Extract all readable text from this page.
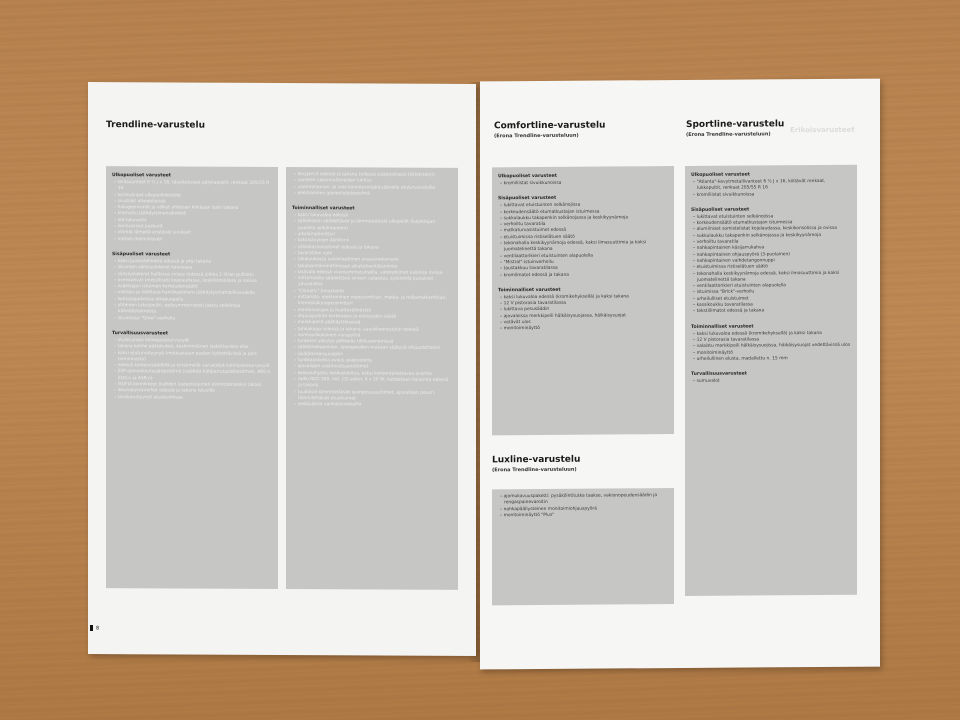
Trendline-varustelu
Ulkopuoliset varusteet
– teräsvanteet 6 ½ J x 16, täysikokoiset pölykapselit, renkaat 205/55 R 16
– korinväriset ulkopeilinkotelot
– sivutilkit ulkopeileissä
– halogeenivalot ja välkyt yhteisen kirkkaan lasin takana
– kromattu jäähdyttimensäleikkö
– led-takavalot
– korinväriset puskurit
– vihreät lämpöä eristävät sivulasit
– metalli-/helmiäisväri
Sisäpuoliset varusteet
– kaksi juomatelinettä edessä ja yksi takana
– istuinten säilytyslokerot kannessa
– säilytyslokerot hallkissa ovissa (edessä joihka 1 litran pullolle)
– ovenkahvat (metalliset) kojelaudassa, keskikonsolissa ja ovissa
– kuljettajan istuimen korkeudensäätö
– valaistu ja lukittava hansikaslokero jäähdytysmahdollisuudella
– kohtalopaikoissa olkapuopalla
– yhteinen takaspeilki, epäsymmetrisesti jaettu selkänoja kääntöistuimesta
– istuimissa "Glow"-verhoilu
Turvallisuusvarusteet
– etuistuinten kolmipisteturvavyöt
– takana kolme päätetukea, keskimmäinen laskettavissa alas
– kaksi etuturvatyynyä (matkustajan puolen kytkettävissä ja pois toiminnasta)
– edessä korkeussäädöllä ja kiristimellä varustetut kolmipisteturvavyöt
– ESP-ajonvakautusjärjestelmä (sisältää hätäjarrutustehostimen, ABS:n, EDS:n ja ASR:n)
– ISOFIX-kiinnikkeet (kahden lastenistuimen kiinnittämiseksi takaa)
– ikkunaturvaverhot edessä ja takana istuville
– sivuturvatyynyt etuistuimissa
– levyjarrut edessä ja takana (edessä sisäpuolisesti jäähdytetyt)
– vanteen lukkomuttereiden lukitus
– vammanoman- ja valo kiinnitysmäärä jäänelle etuturvavaloille
– elektroninen ajonestojärjestelmä
Toiminnalliset varusteet
– kaksi lukuvaloa edessä
– sähköisesti säädettävät ja lämmitettävät ulkopeilit (kuljettajan puolella selkäntaneen)
– ulkolämpömittari
– kaksisävyinen äänitorvi
– sähkölasinnostimet edessä ja takana
– tavaratilan valo
– takaluukussa automaattinen avausmekanismi
– takalasinlämmittimessä aikakytkentätoiminto
– sisävalo edessä viivesammutuksella, valokytkimet kaikissa ovissa
– mittaristolla säädettävä sinisen valaistus, kytkimillä punainen yövalaistus
– "Climatic"-ilmastointi
– mittaristo: elektroninen nopeusmittari, matka- ja nollamatkamittari, kierroslukunopeusmittari
– merkkivalojen ja huoltovälinäyttö
– ohjauspyörän korkeuden ja etäisyyden säätö
– merkkipeilit pääkäyttöisessä
– tuhkakuppi edessä ja takana, savukkeensytytin edessä
– normaalikokoinen varapyörä
– tunkkien säilytys pöhkeläs tilkkuseinämissä
– sähkömekaaninen, ajonopeuden mukaan säätyvä ohjaustehostin
– sisälämmönsuodatin
– tunkkauskohta avaus sisäpuolelta
– ajovalojen vastinvastaanottimet
– keskusohjattu keskuslukitus, kaksi kokoontaitettavaa avainta
– radio RCD 300, mit. CD-soitin, 4 x 20 W, kahdeksan kaiutinta edessä ja takana
– tuulilasin lämmitettävät lasinpesusuuttimet, ajovalojen pesuri, lämmitettävät etuistuimet
– vesikuljetin vanhatarvikkeilla
8
Comfortline-varustelu
(Erona Trendline-varusteluun)
Sportline-varustelu
(Erona Trendline-varusteluun)
Erikoisvarusteet
Ulkopuoliset varusteet
– kromiliistat sivuikkunoissa
Sisäpuoliset varusteet
– lukittavat etuistuinten selkänojissa
– korkeudensäätö etumatkustajan istuimessa
– sukkulaukku takapenkin selkänojassa ja keskikyynärnoja
– verhoiltu tavaratila
– matkaturvasistuimet edessä
– etuistuimissa ristiselätuen säätö
– tekonahalla keskikyynärnoja edessä, kaksi ilmasuuttimia ja kaksi juomatelinettä takana
– ventilaattorikieri etuistuinten alapuolella
– "Mistral"-istuinverhoilu
– taustakkuu tavaratilassa
– kromilmatot edessä ja takana
Toiminnalliset varusteet
– kaksi lukuvaloa edessä (kromikehyksellä) ja kaksi takana
– 12 V pistorasia tavaratilassa
– lukittava pesusäädin
– ajovaloissa merkkipeili hälkäisysuojassa, häikäisysuojat
– vetävät ulos
– monitoiminäyttö
Luxline-varustelu
(Erona Trendline-varusteluun)
– ajomukavuuspaketti: pysäköintitutka taakse, vakionopeudensäädin ja rengaspainevaroitin
– nahkapäällysteinen monitoimiohjauspyörä
– monitoiminäyttö "Plus"
Ulkopuoliset varusteet
– "Atlanta"-kevytmetallivanteet 6 ½ J x 16, kiiltävät renkaat, lukkopultit, renkaat 205/55 R 16
– kromiliistat sivuikkunoissa
Sisäpuoliset varusteet
– lukittavat etuistuinten selkänojissa
– korkeudensäätö etumatkustajan istuimessa
– alumiiniset somistelistat kojelaudassa, keskikonsolissa ja ovissa
– sukkulaukku takapenkin selkänojassa ja keskikyynärnoja
– verhoiltu tavaratila
– nahkapintainen käsijarrukahva
– nahkapintainen ohjauspyörä (3-puolainen)
– nahkapintainen vaihdetangonnuppi
– etuistuimissa ristiselätuen säätö
– tekonahalla keskikyynärnoja edessä, kaksi ilmasuuttimia ja kaksi juomatelinettä takana
– ventilaattorikieri etuistuinten alapuolella
– istuimissa "Brick"-verhoilu
– urheilulliset etuistuimet
– kassikoukku tavaratilassa
– tekstiilimatot edessä ja takana
Toiminnalliset varusteet
– kaksi lukuvaloa edessä (kromikehyksellä) ja kaksi takana
– 12 V pistorasia tavaratilassa
– valaistu merkkipeili hälkäisysuojissa, häikäisysuojat vedettävissä ulos
– monitoiminäyttö
– urheilullinen alusta, madallettu n. 15 mm
Turvallisuusvarusteet
– sumuvalot
